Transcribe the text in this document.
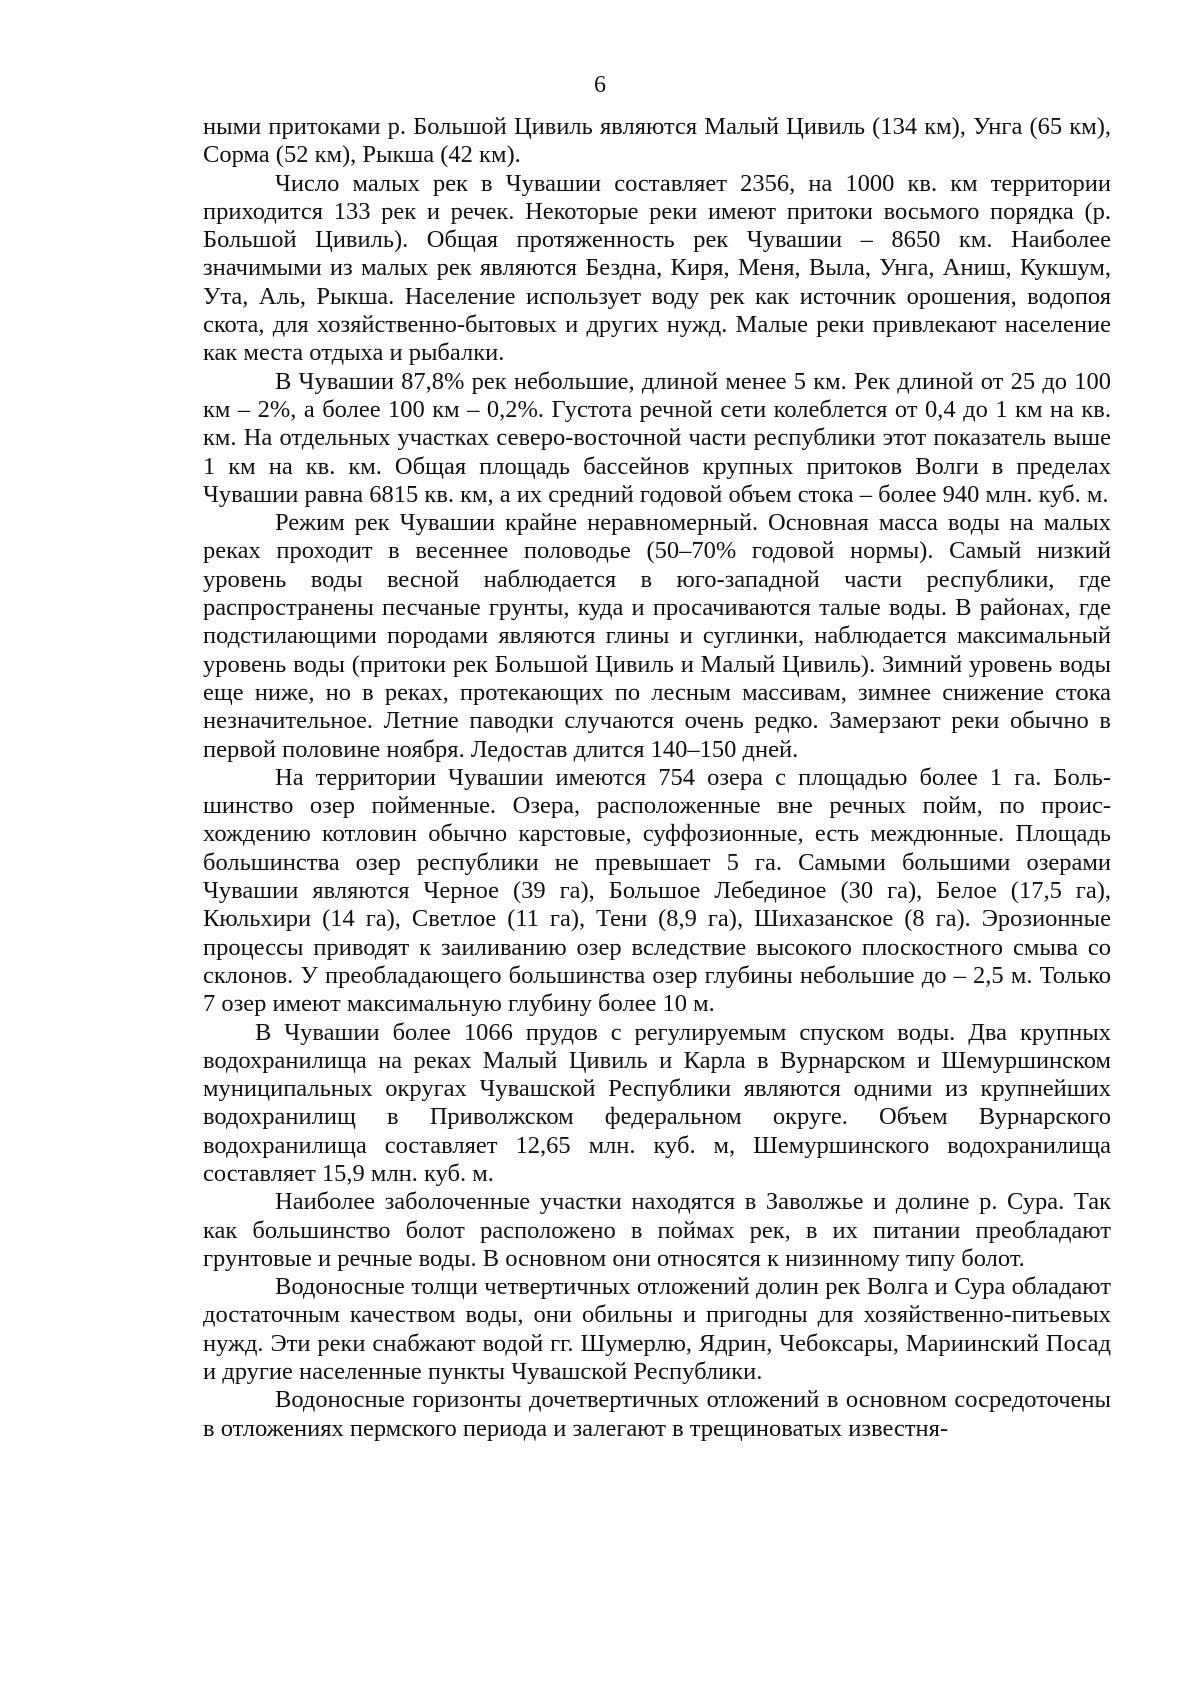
6

ными притоками р. Большой Цивиль являются Малый Цивиль (134 км), Унга (65 км), Сорма (52 км), Рыкша (42 км).

Число малых рек в Чувашии составляет 2356, на 1000 кв. км территории приходится 133 рек и речек. Некоторые реки имеют притоки восьмого порядка (р. Большой Цивиль). Общая протяженность рек Чувашии – 8650 км. Наиболее значимыми из малых рек являются Бездна, Киря, Меня, Выла, Унга, Аниш, Кукшум, Ута, Аль, Рыкша. Население использует воду рек как источник орошения, водопоя скота, для хозяйственно-бытовых и других нужд. Малые реки привлекают население как места отдыха и рыбалки.

В Чувашии 87,8% рек небольшие, длиной менее 5 км. Рек длиной от 25 до 100 км – 2%, а более 100 км – 0,2%. Густота речной сети колеблется от 0,4 до 1 км на кв. км. На отдельных участках северо-восточной части республики этот показатель выше 1 км на кв. км. Общая площадь бассейнов крупных притоков Волги в пределах Чувашии равна 6815 кв. км, а их средний годовой объем стока – более 940 млн. куб. м.

Режим рек Чувашии крайне неравномерный. Основная масса воды на малых реках проходит в весеннее половодье (50–70% годовой нормы). Самый низкий уровень воды весной наблюдается в юго-западной части республики, где распространены песчаные грунты, куда и просачиваются талые воды. В районах, где подстилающими породами являются глины и суглинки, наблюдается максимальный уровень воды (притоки рек Большой Цивиль и Малый Цивиль). Зимний уровень воды еще ниже, но в реках, протекающих по лесным массивам, зимнее снижение стока незначительное. Летние паводки случаются очень редко. Замерзают реки обычно в первой половине ноября. Ледостав длится 140–150 дней.

На территории Чувашии имеются 754 озера с площадью более 1 га. Большинство озер пойменные. Озера, расположенные вне речных пойм, по происхождению котловин обычно карстовые, суффозионные, есть междюнные. Площадь большинства озер республики не превышает 5 га. Самыми большими озерами Чувашии являются Черное (39 га), Большое Лебединое (30 га), Белое (17,5 га), Кюльхири (14 га), Светлое (11 га), Тени (8,9 га), Шихазанское (8 га). Эрозионные процессы приводят к заиливанию озер вследствие высокого плоскостного смыва со склонов. У преобладающего большинства озер глубины небольшие до – 2,5 м. Только 7 озер имеют максимальную глубину более 10 м.

В Чувашии более 1066 прудов с регулируемым спуском воды. Два крупных водохранилища на реках Малый Цивиль и Карла в Вурнарском и Шемуршинском муниципальных округах Чувашской Республики являются одними из крупнейших водохранилищ в Приволжском федеральном округе. Объем Вурнарского водохранилища составляет 12,65 млн. куб. м, Шемуршинского водохранилища составляет 15,9 млн. куб. м.

Наиболее заболоченные участки находятся в Заволжье и долине р. Сура. Так как большинство болот расположено в поймах рек, в их питании преобладают грунтовые и речные воды. В основном они относятся к низинному типу болот.

Водоносные толщи четвертичных отложений долин рек Волга и Сура обладают достаточным качеством воды, они обильны и пригодны для хозяйственно-питьевых нужд. Эти реки снабжают водой гг. Шумерлю, Ядрин, Чебоксары, Мариинский Посад и другие населенные пункты Чувашской Республики.

Водоносные горизонты дочетвертичных отложений в основном сосредоточены в отложениях пермского периода и залегают в трещиноватых известня-
